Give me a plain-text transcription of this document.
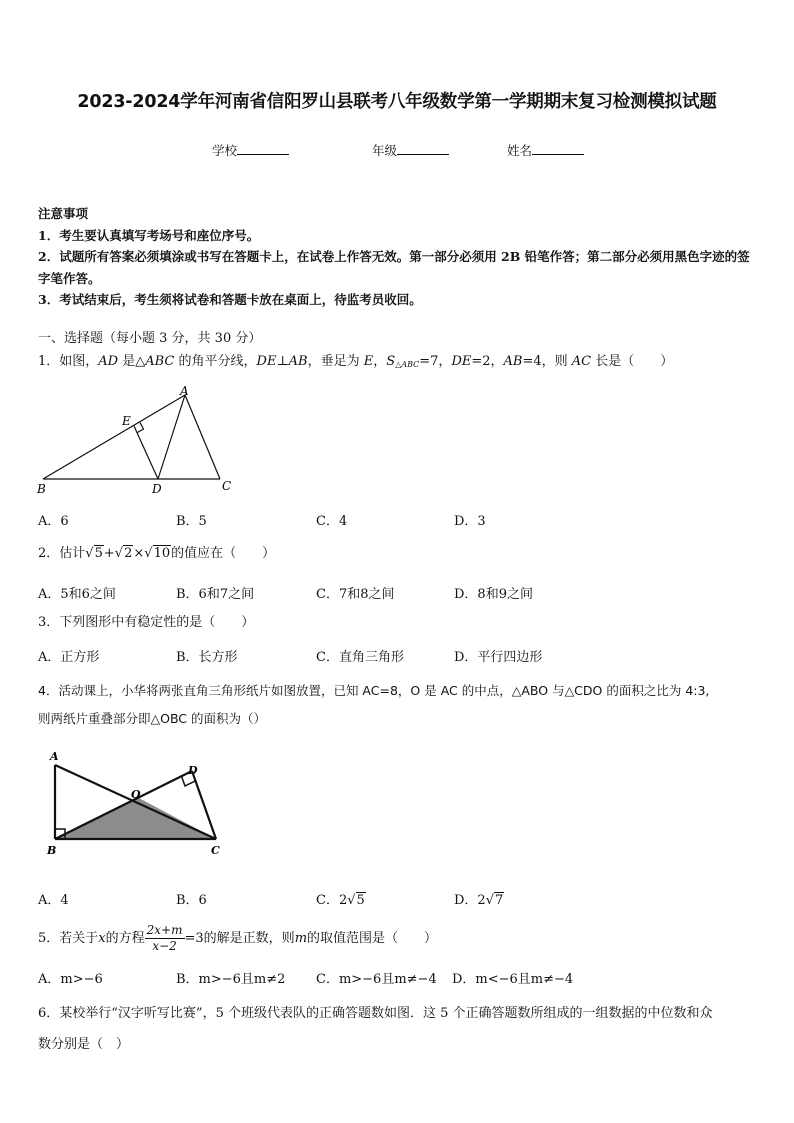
2023-2024学年河南省信阳罗山县联考八年级数学第一学期期末复习检测模拟试题
学校	年级	姓名
注意事项
1．考生要认真填写考场号和座位序号。
2．试题所有答案必须填涂或书写在答题卡上，在试卷上作答无效。第一部分必须用 2B 铅笔作答；第二部分必须用黑色字迹的签字笔作答。
3．考试结束后，考生须将试卷和答题卡放在桌面上，待监考员收回。
一、选择题（每小题 3 分，共 30 分）
1．如图，AD 是△ABC 的角平分线，DE⊥AB，垂足为 E，$S_{\triangle ABC}=7$，DE=2，AB=4，则 AC 长是（　　）
A
B	C
D
E
A．6	B．5	C．4	D．3
2．估计√5+√2×√10的值应在（　　）
A．5和6之间	B．6和7之间	C．7和8之间	D．8和9之间
3．下列图形中有稳定性的是（　　）
A．正方形	B．长方形	C．直角三角形	D．平行四边形
4．活动课上，小华将两张直角三角形纸片如图放置，已知 AC=8，O 是 AC 的中点，△ABO 与△CDO 的面积之比为 4:3,
则两纸片重叠部分即△OBC 的面积为（）
A
B	C
D
O
A．4	B．6	C．2√5	D．2√7
5．若关于x的方程 $\frac{2x+m}{x-2} =3$的解是正数，则m的取值范围是（　　）
A．m>−6	B．m>−6且m≠2 C．m>−6且m≠−4 D．m<−6且m≠−4
6．某校举行“汉字听写比赛”，5 个班级代表队的正确答题数如图．这 5 个正确答题数所组成的一组数据的中位数和众
数分别是（　）
